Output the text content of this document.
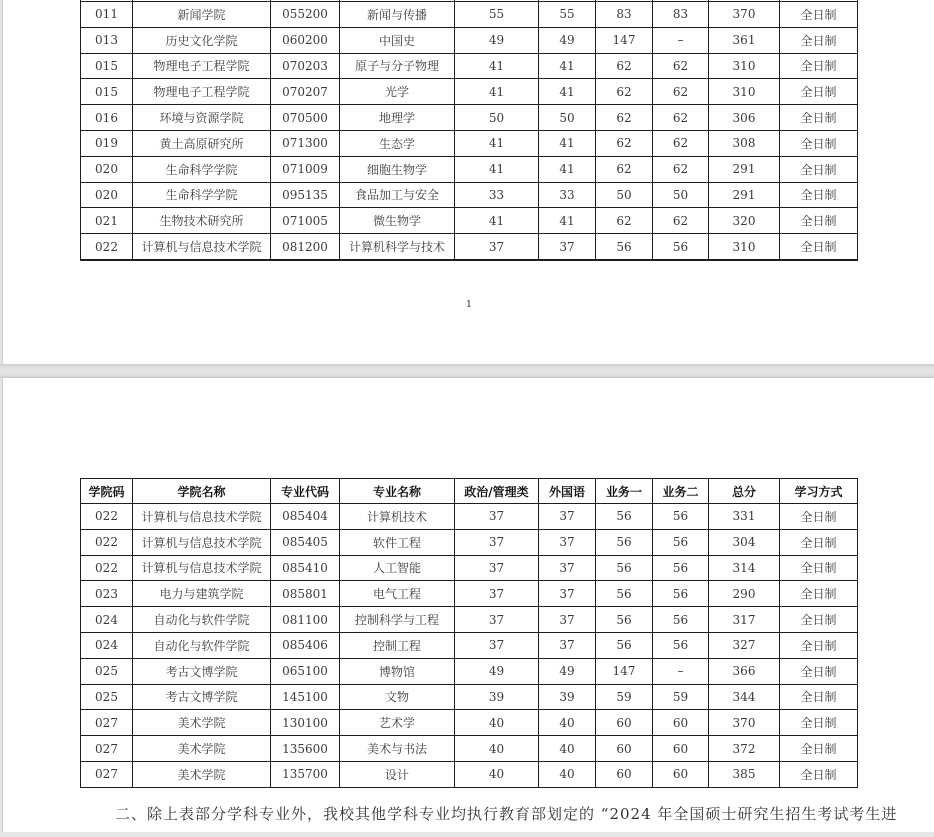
011	新闻学院	055200	新闻与传播	55	55	83	83	370	全日制
013	历史文化学院	060200	中国史	49	49	147	–	361	全日制
015	物理电子工程学院	070203	原子与分子物理	41	41	62	62	310	全日制
015	物理电子工程学院	070207	光学	41	41	62	62	310	全日制
016	环境与资源学院	070500	地理学	50	50	62	62	306	全日制
019	黄土高原研究所	071300	生态学	41	41	62	62	308	全日制
020	生命科学学院	071009	细胞生物学	41	41	62	62	291	全日制
020	生命科学学院	095135	食品加工与安全	33	33	50	50	291	全日制
021	生物技术研究所	071005	微生物学	41	41	62	62	320	全日制
022	计算机与信息技术学院	081200	计算机科学与技术	37	37	56	56	310	全日制
1
学院码	学院名称	专业代码	专业名称	政治/管理类	外国语	业务一	业务二	总分	学习方式
022	计算机与信息技术学院	085404	计算机技术	37	37	56	56	331	全日制
022	计算机与信息技术学院	085405	软件工程	37	37	56	56	304	全日制
022	计算机与信息技术学院	085410	人工智能	37	37	56	56	314	全日制
023	电力与建筑学院	085801	电气工程	37	37	56	56	290	全日制
024	自动化与软件学院	081100	控制科学与工程	37	37	56	56	317	全日制
024	自动化与软件学院	085406	控制工程	37	37	56	56	327	全日制
025	考古文博学院	065100	博物馆	49	49	147	–	366	全日制
025	考古文博学院	145100	文物	39	39	59	59	344	全日制
027	美术学院	130100	艺术学	40	40	60	60	370	全日制
027	美术学院	135600	美术与书法	40	40	60	60	372	全日制
027	美术学院	135700	设计	40	40	60	60	385	全日制
二、除上表部分学科专业外，我校其他学科专业均执行教育部划定的 “2024 年全国硕士研究生招生考试考生进
